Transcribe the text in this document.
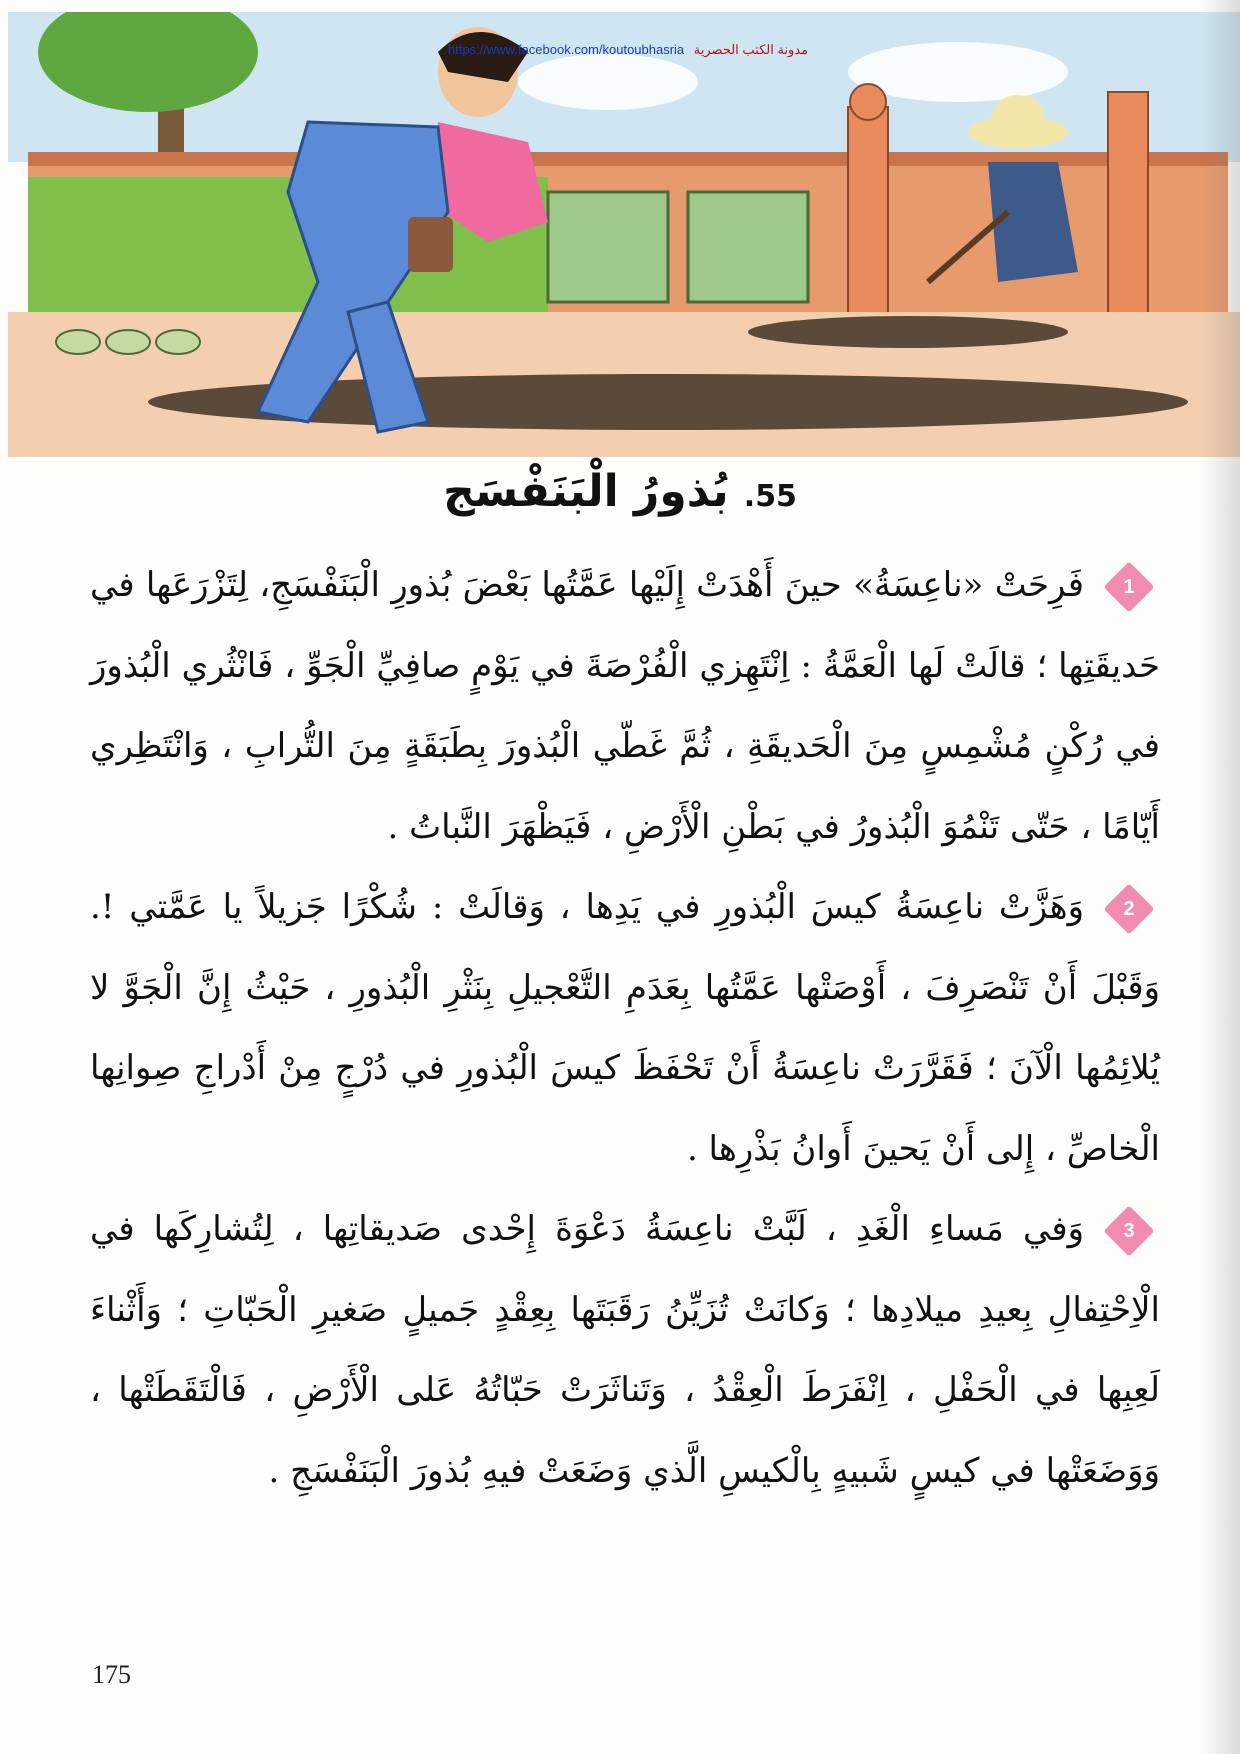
https://www.facebook.com/koutoubhasria مدونة الكتب الحصرية
55. بُذورُ الْبَنَفْسَج

1
فَرِحَتْ «ناعِسَةُ» حينَ أَهْدَتْ إِلَيْها عَمَّتُها بَعْضَ بُذورِ الْبَنَفْسَجِ، لِتَزْرَعَها في حَديقَتِها ؛ قالَتْ لَها الْعَمَّةُ : اِنْتَهِزي الْفُرْصَةَ في يَوْمٍ صافِيِّ الْجَوِّ ، فَانْثُري الْبُذورَ في رُكْنٍ مُشْمِسٍ مِنَ الْحَديقَةِ ، ثُمَّ غَطّي الْبُذورَ بِطَبَقَةٍ مِنَ التُّرابِ ، وَانْتَظِري أَيّامًا ، حَتّى تَنْمُوَ الْبُذورُ في بَطْنِ الْأَرْضِ ، فَيَظْهَرَ النَّباتُ .

2
وَهَزَّتْ ناعِسَةُ كيسَ الْبُذورِ في يَدِها ، وَقالَتْ : شُكْرًا جَزيلاً يا عَمَّتي !. وَقَبْلَ أَنْ تَنْصَرِفَ ، أَوْصَتْها عَمَّتُها بِعَدَمِ التَّعْجيلِ بِنَثْرِ الْبُذورِ ، حَيْثُ إِنَّ الْجَوَّ لا يُلائِمُها الْآنَ ؛ فَقَرَّرَتْ ناعِسَةُ أَنْ تَحْفَظَ كيسَ الْبُذورِ في دُرْجٍ مِنْ أَدْراجِ صِوانِها الْخاصِّ ، إِلى أَنْ يَحينَ أَوانُ بَذْرِها .

3
وَفي مَساءِ الْغَدِ ، لَبَّتْ ناعِسَةُ دَعْوَةَ إِحْدى صَديقاتِها ، لِتُشارِكَها في الْاِحْتِفالِ بِعيدِ ميلادِها ؛ وَكانَتْ تُزَيِّنُ رَقَبَتَها بِعِقْدٍ جَميلٍ صَغيرِ الْحَبّاتِ ؛ وَأَثْناءَ لَعِبِها في الْحَفْلِ ، اِنْفَرَطَ الْعِقْدُ ، وَتَناثَرَتْ حَبّاتُهُ عَلى الْأَرْضِ ، فَالْتَقَطَتْها ، وَوَضَعَتْها في كيسٍ شَبيهٍ بِالْكيسِ الَّذي وَضَعَتْ فيهِ بُذورَ الْبَنَفْسَجِ .

175
